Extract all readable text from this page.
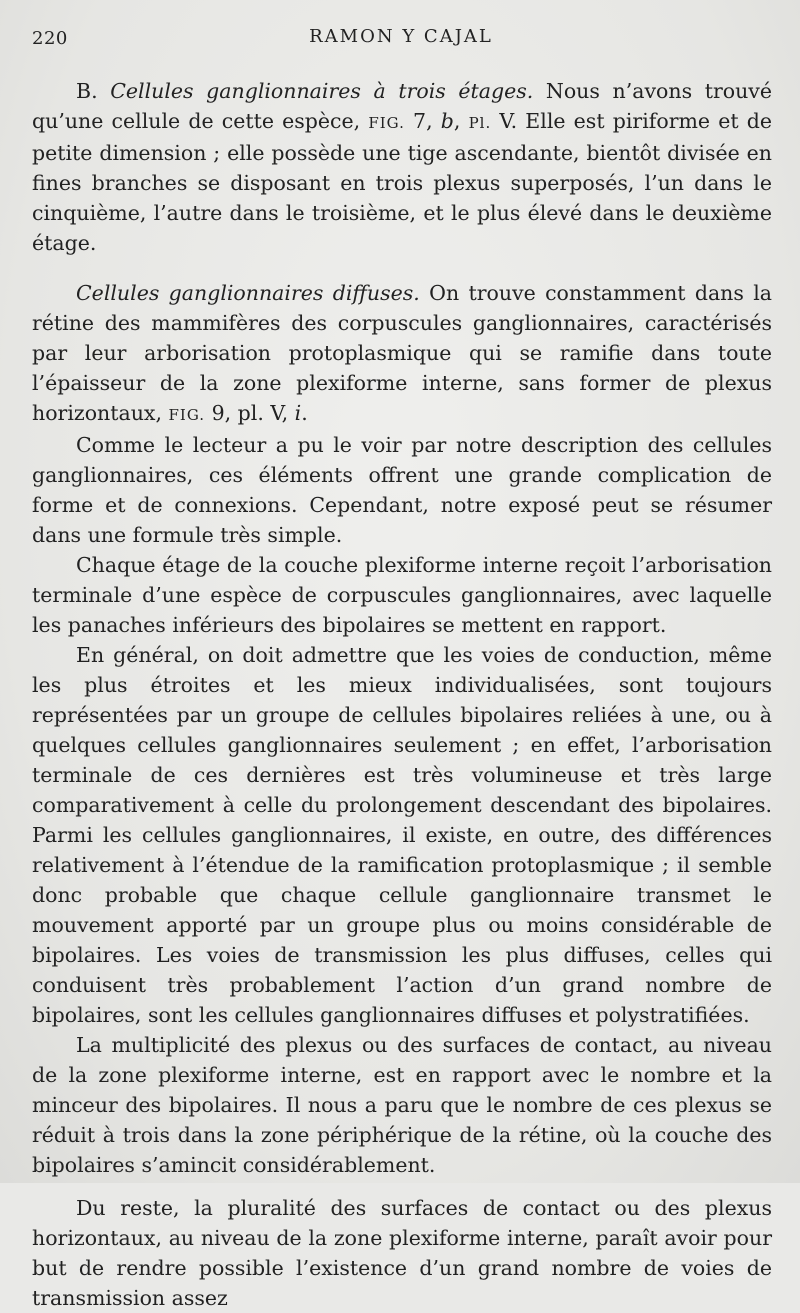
220	RAMON Y CAJAL

B. Cellules ganglionnaires à trois étages. Nous n’avons trouvé qu’une cellule de cette espèce, FIG. 7, b, Pl. V. Elle est piriforme et de petite dimension ; elle possède une tige ascendante, bientôt divisée en fines branches se disposant en trois plexus superposés, l’un dans le cinquième, l’autre dans le troisième, et le plus élevé dans le deuxième étage.

Cellules ganglionnaires diffuses. On trouve constamment dans la rétine des mammifères des corpuscules ganglionnaires, caractérisés par leur arborisation protoplasmique qui se ramifie dans toute l’épaisseur de la zone plexiforme interne, sans former de plexus horizontaux, FIG. 9, pl. V, i.

Comme le lecteur a pu le voir par notre description des cellules ganglionnaires, ces éléments offrent une grande complication de forme et de connexions. Cependant, notre exposé peut se résumer dans une formule très simple.

Chaque étage de la couche plexiforme interne reçoit l’arborisation terminale d’une espèce de corpuscules ganglionnaires, avec laquelle les panaches inférieurs des bipolaires se mettent en rapport.

En général, on doit admettre que les voies de conduction, même les plus étroites et les mieux individualisées, sont toujours représentées par un groupe de cellules bipolaires reliées à une, ou à quelques cellules ganglionnaires seulement ; en effet, l’arborisation terminale de ces dernières est très volumineuse et très large comparativement à celle du prolongement descendant des bipolaires. Parmi les cellules ganglionnaires, il existe, en outre, des différences relativement à l’étendue de la ramification protoplasmique ; il semble donc probable que chaque cellule ganglionnaire transmet le mouvement apporté par un groupe plus ou moins considérable de bipolaires. Les voies de transmission les plus diffuses, celles qui conduisent très probablement l’action d’un grand nombre de bipolaires, sont les cellules ganglionnaires diffuses et polystratifiées.

La multiplicité des plexus ou des surfaces de contact, au niveau de la zone plexiforme interne, est en rapport avec le nombre et la minceur des bipolaires. Il nous a paru que le nombre de ces plexus se réduit à trois dans la zone périphérique de la rétine, où la couche des bipolaires s’amincit considérablement.

Du reste, la pluralité des surfaces de contact ou des plexus horizontaux, au niveau de la zone plexiforme interne, paraît avoir pour but de rendre possible l’existence d’un grand nombre de voies de transmission assez
